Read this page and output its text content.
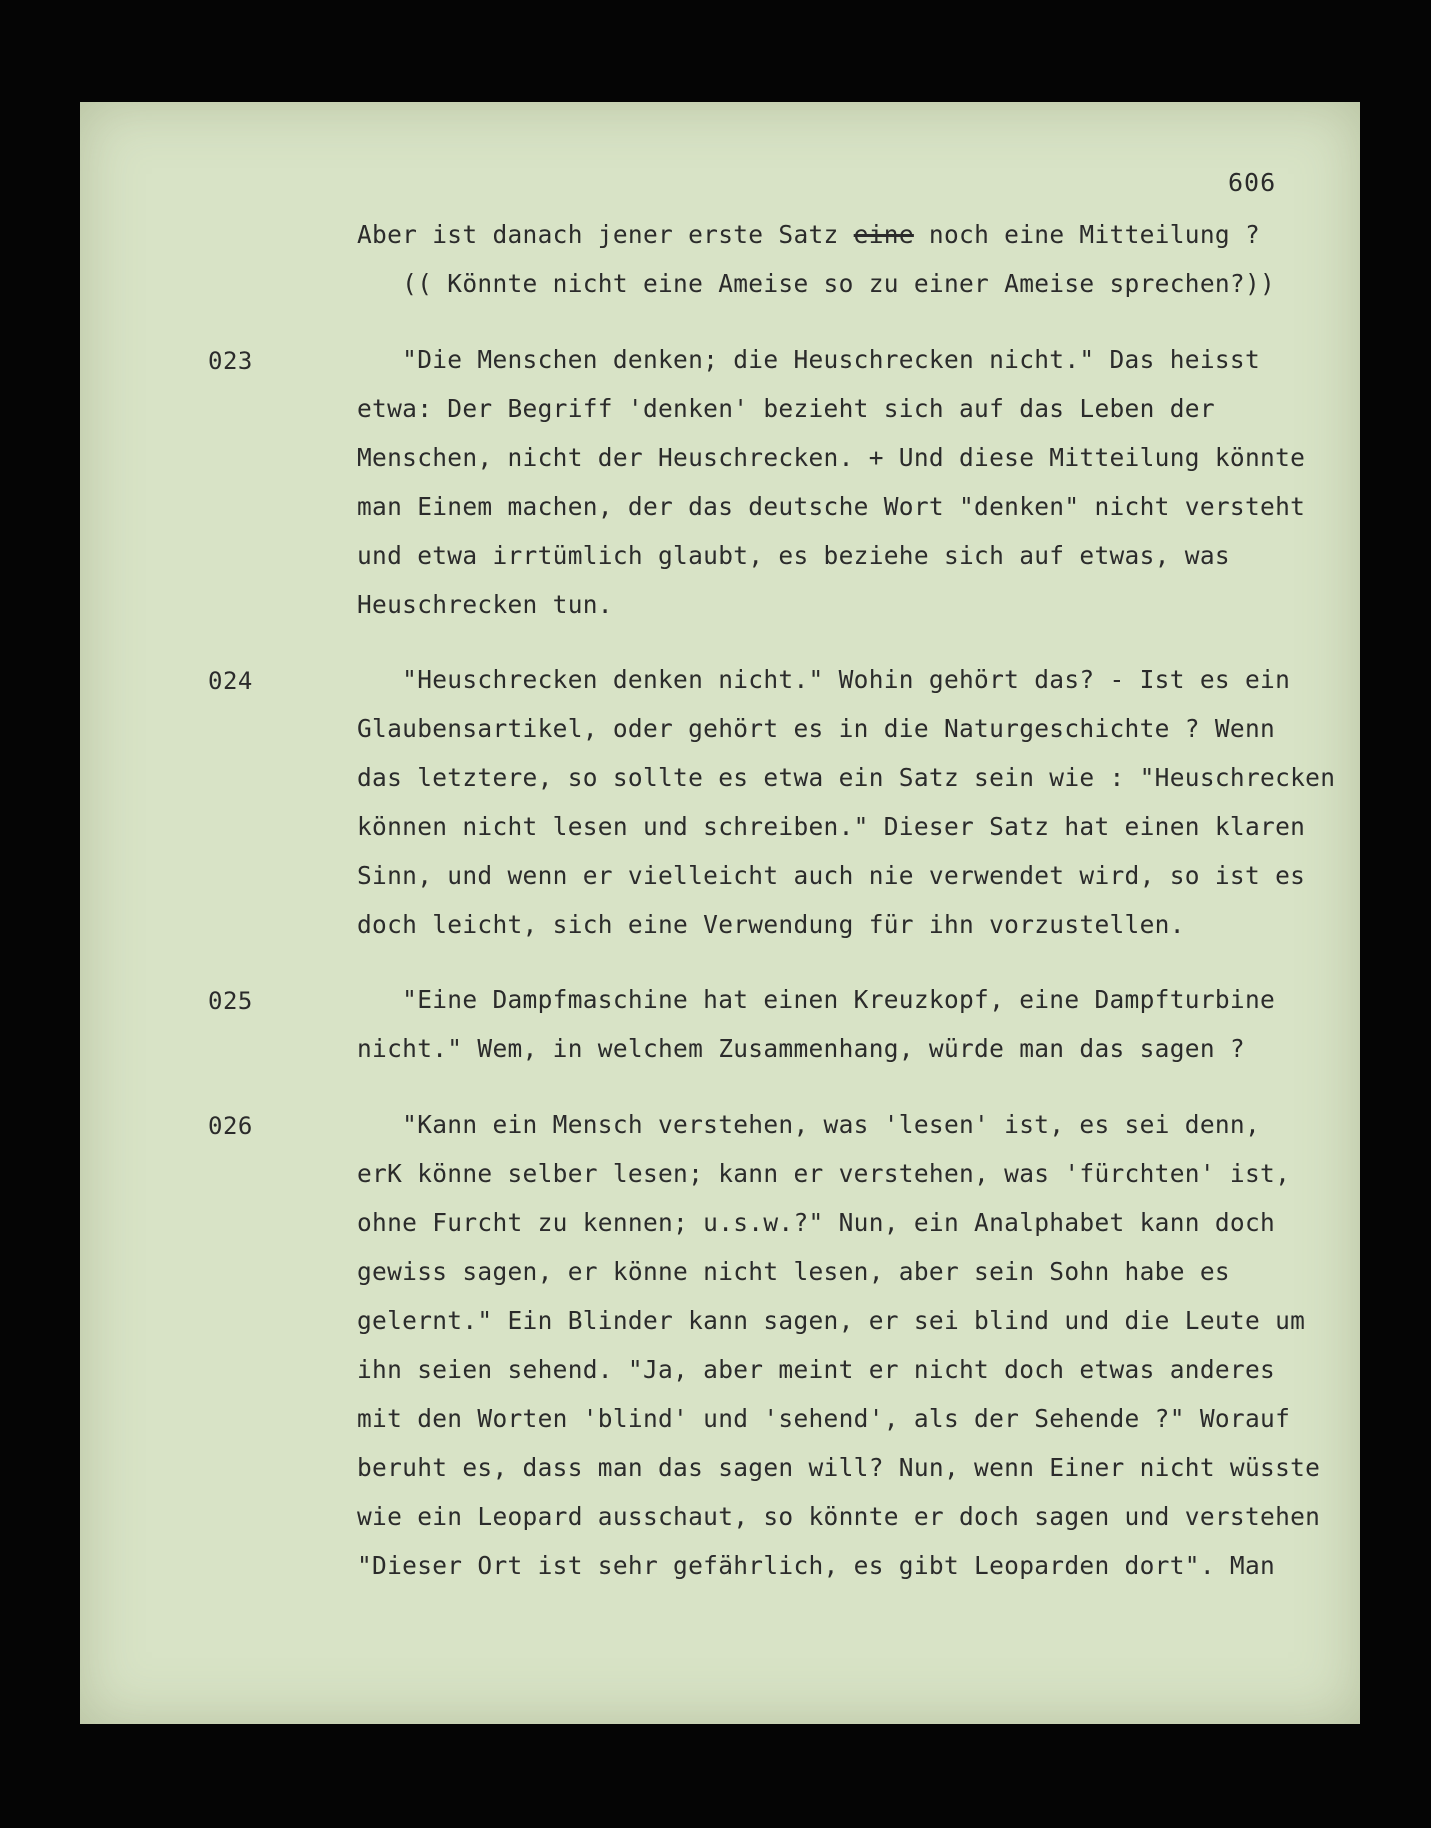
606
Aber ist danach jener erste Satz eine noch eine Mitteilung ?
(( Könnte nicht eine Ameise so zu einer Ameise sprechen?))
023	"Die Menschen denken; die Heuschrecken nicht." Das heisst
etwa: Der Begriff 'denken' bezieht sich auf das Leben der
Menschen, nicht der Heuschrecken. + Und diese Mitteilung könnte
man Einem machen, der das deutsche Wort "denken" nicht versteht
und etwa irrtümlich glaubt, es beziehe sich auf etwas, was
Heuschrecken tun.
024	"Heuschrecken denken nicht." Wohin gehört das? - Ist es ein
Glaubensartikel, oder gehört es in die Naturgeschichte ? Wenn
das letztere, so sollte es etwa ein Satz sein wie : "Heuschrecken
können nicht lesen und schreiben." Dieser Satz hat einen klaren
Sinn, und wenn er vielleicht auch nie verwendet wird, so ist es
doch leicht, sich eine Verwendung für ihn vorzustellen.
025	"Eine Dampfmaschine hat einen Kreuzkopf, eine Dampfturbine
nicht." Wem, in welchem Zusammenhang, würde man das sagen ?
026	"Kann ein Mensch verstehen, was 'lesen' ist, es sei denn,
erK könne selber lesen; kann er verstehen, was 'fürchten' ist,
ohne Furcht zu kennen; u.s.w.?" Nun, ein Analphabet kann doch
gewiss sagen, er könne nicht lesen, aber sein Sohn habe es
gelernt." Ein Blinder kann sagen, er sei blind und die Leute um
ihn seien sehend. "Ja, aber meint er nicht doch etwas anderes
mit den Worten 'blind' und 'sehend', als der Sehende ?" Worauf
beruht es, dass man das sagen will? Nun, wenn Einer nicht wüsste
wie ein Leopard ausschaut, so könnte er doch sagen und verstehen
"Dieser Ort ist sehr gefährlich, es gibt Leoparden dort". Man
